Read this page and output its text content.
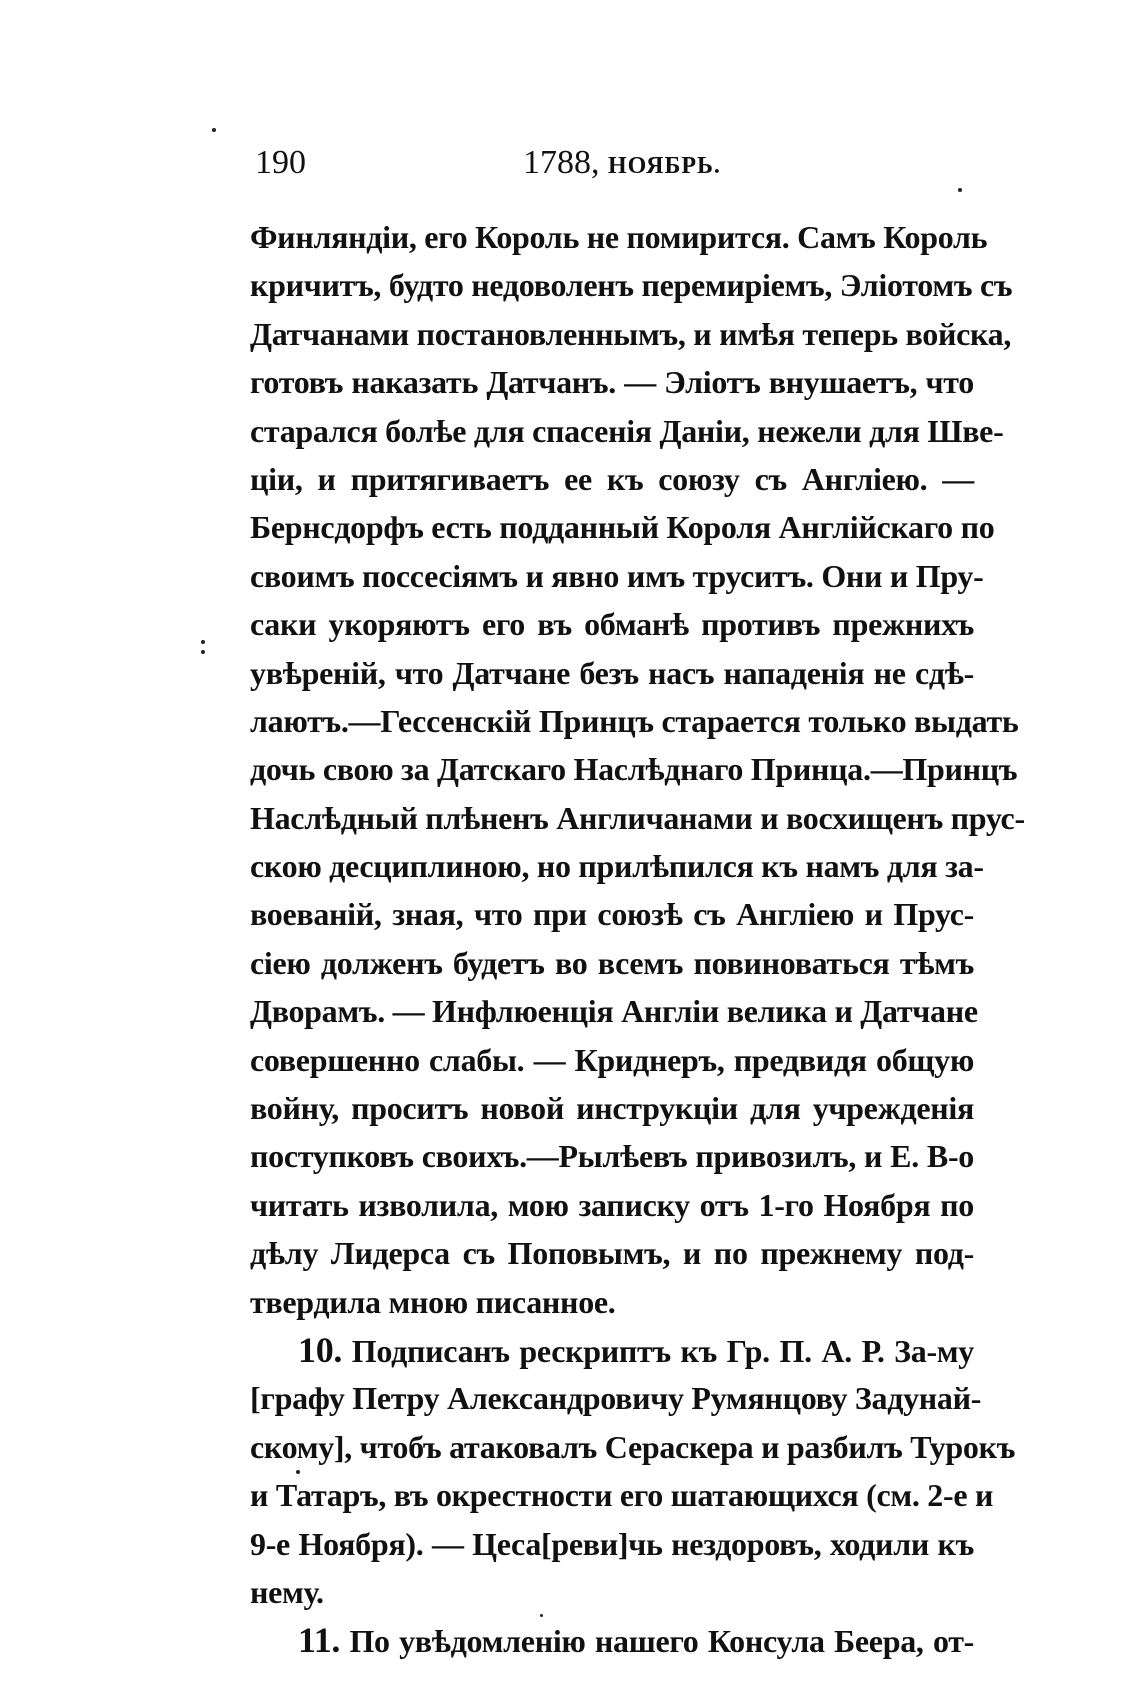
190	1788, НОЯБРЬ.
Финляндіи, его Король не помирится. Самъ Король
кричитъ, будто недоволенъ перемиріемъ, Эліотомъ съ
Датчанами постановленнымъ, и имѣя теперь войска,
готовъ наказать Датчанъ. — Эліотъ внушаетъ, что
старался болѣе для спасенія Даніи, нежели для Шве-
ціи, и притягиваетъ ее къ союзу съ Англіею. —
Бернсдорфъ есть подданный Короля Англійскаго по
своимъ поссесіямъ и явно имъ труситъ. Они и Пру-
саки укоряютъ его въ обманѣ противъ прежнихъ
увѣреній, что Датчане безъ насъ нападенія не сдѣ-
лаютъ.—Гессенскій Принцъ старается только выдать
дочь свою за Датскаго Наслѣднаго Принца.—Принцъ
Наслѣдный плѣненъ Англичанами и восхищенъ прус-
скою десциплиною, но прилѣпился къ намъ для за-
воеваній, зная, что при союзѣ съ Англіею и Прус-
сіею долженъ будетъ во всемъ повиноваться тѣмъ
Дворамъ. — Инфлюенція Англіи велика и Датчане
совершенно слабы. — Криднеръ, предвидя общую
войну, проситъ новой инструкціи для учрежденія
поступковъ своихъ.—Рылѣевъ привозилъ, и Е. В-о
читать изволила, мою записку отъ 1-го Ноября по
дѣлу Лидерса съ Поповымъ, и по прежнему под-
твердила мною писанное.
10. Подписанъ рескриптъ къ Гр. П. А. Р. За-му
[графу Петру Александровичу Румянцову Задунай-
скому], чтобъ атаковалъ Сераскера и разбилъ Турокъ
и Татаръ, въ окрестности его шатающихся (см. 2-е и
9-е Ноября). — Цеса[реви]чь нездоровъ, ходили къ
нему.
11. По увѣдомленію нашего Консула Беера, от-
